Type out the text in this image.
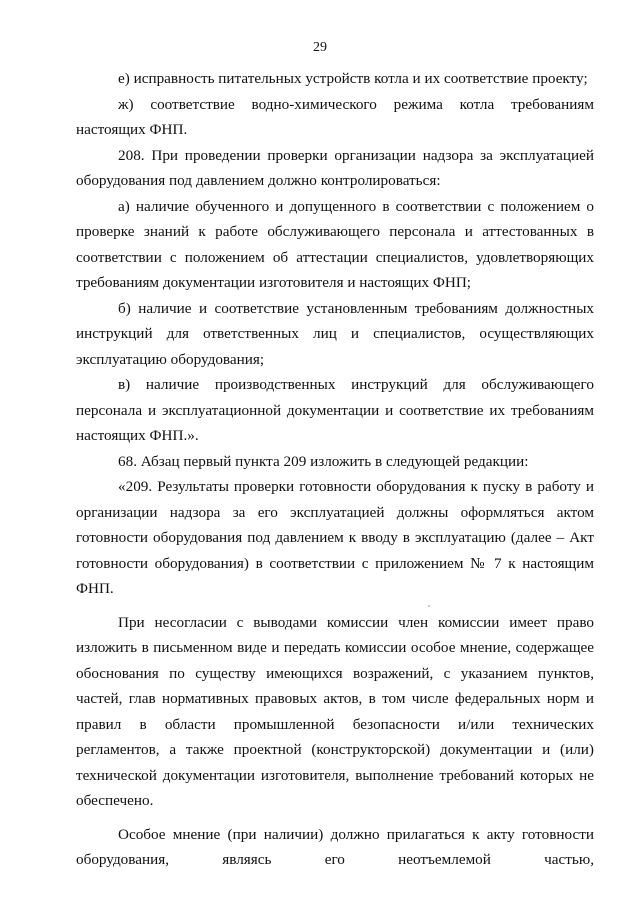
29

е) исправность питательных устройств котла и их соответствие проекту;

ж) соответствие водно-химического режима котла требованиям настоящих ФНП.

208. При проведении проверки организации надзора за эксплуатацией оборудования под давлением должно контролироваться:

а) наличие обученного и допущенного в соответствии с положением о проверке знаний к работе обслуживающего персонала и аттестованных в соответствии с положением об аттестации специалистов, удовлетворяющих требованиям документации изготовителя и настоящих ФНП;

б) наличие и соответствие установленным требованиям должностных инструкций для ответственных лиц и специалистов, осуществляющих эксплуатацию оборудования;

в) наличие производственных инструкций для обслуживающего персонала и эксплуатационной документации и соответствие их требованиям настоящих ФНП.».

68. Абзац первый пункта 209 изложить в следующей редакции:

«209. Результаты проверки готовности оборудования к пуску в работу и организации надзора за его эксплуатацией должны оформляться актом готовности оборудования под давлением к вводу в эксплуатацию (далее – Акт готовности оборудования) в соответствии с приложением № 7 к настоящим ФНП.

При несогласии с выводами комиссии член комиссии имеет право изложить в письменном виде и передать комиссии особое мнение, содержащее обоснования по существу имеющихся возражений, с указанием пунктов, частей, глав нормативных правовых актов, в том числе федеральных норм и правил в области промышленной безопасности и/или технических регламентов, а также проектной (конструкторской) документации и (или) технической документации изготовителя, выполнение требований которых не обеспечено.

Особое мнение (при наличии) должно прилагаться к акту готовности оборудования, являясь его неотъемлемой частью,
